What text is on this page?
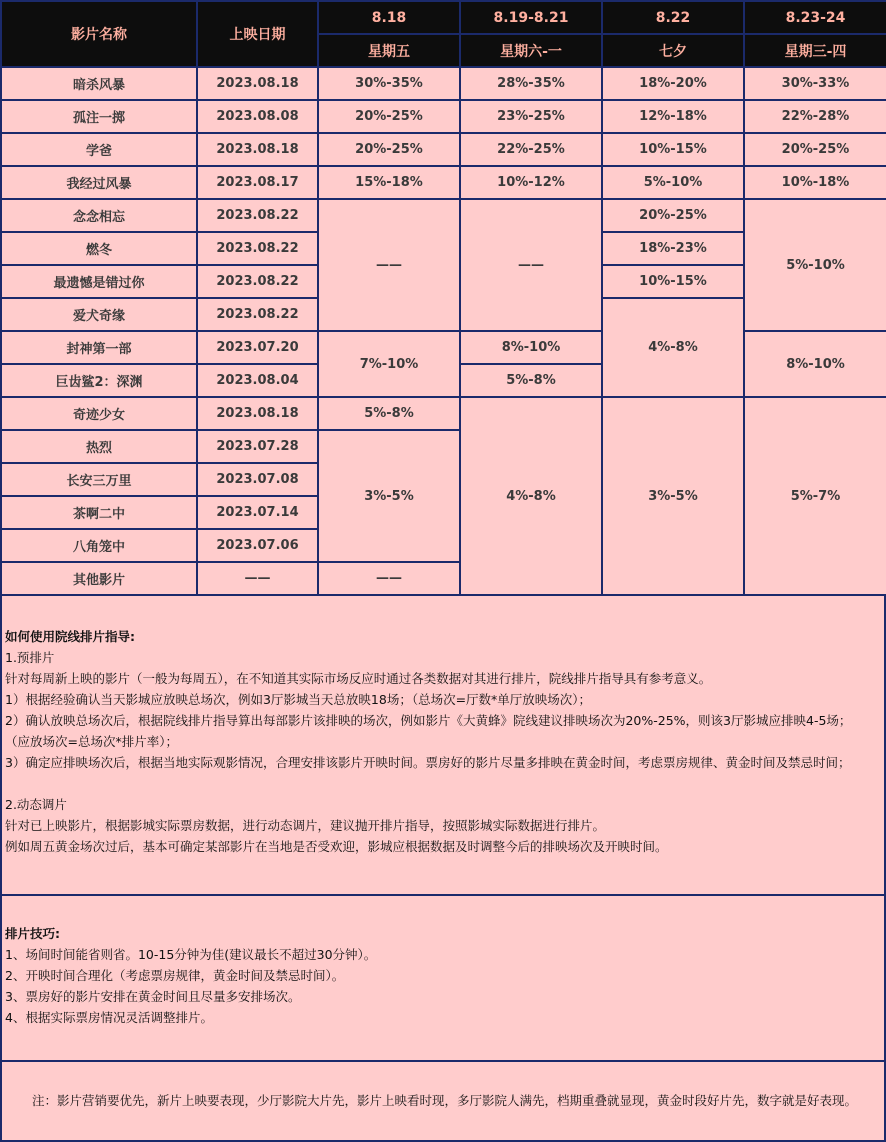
影片名称	上映日期	8.18	8.19-8.21	8.22	8.23-24
		星期五	星期六-一	七夕	星期三-四
暗杀风暴	2023.08.18	30%-35%	28%-35%	18%-20%	30%-33%
孤注一掷	2023.08.08	20%-25%	23%-25%	12%-18%	22%-28%
学爸	2023.08.18	20%-25%	22%-25%	10%-15%	20%-25%
我经过风暴	2023.08.17	15%-18%	10%-12%	5%-10%	10%-18%
念念相忘	2023.08.22	——	——	20%-25%	5%-10%
燃冬	2023.08.22			18%-23%	
最遗憾是错过你	2023.08.22			10%-15%	
爱犬奇缘	2023.08.22			4%-8%	
封神第一部	2023.07.20	7%-10%	8%-10%		8%-10%
巨齿鲨2：深渊	2023.08.04		5%-8%		
奇迹少女	2023.08.18	5%-8%	4%-8%	3%-5%	5%-7%
热烈	2023.07.28	3%-5%			
长安三万里	2023.07.08				
茶啊二中	2023.07.14				
八角笼中	2023.07.06				
其他影片	——	——			
如何使用院线排片指导:
1.预排片
针对每周新上映的影片（一般为每周五），在不知道其实际市场反应时通过各类数据对其进行排片，院线排片指导具有参考意义。
1）根据经验确认当天影城应放映总场次，例如3厅影城当天总放映18场；（总场次=厅数*单厅放映场次）；
2）确认放映总场次后，根据院线排片指导算出每部影片该排映的场次，例如影片《大黄蜂》院线建议排映场次为20%-25%，则该3厅影城应排映4-5场；
（应放场次=总场次*排片率）；
3）确定应排映场次后，根据当地实际观影情况，合理安排该影片开映时间。票房好的影片尽量多排映在黄金时间，考虑票房规律、黄金时间及禁忌时间；
2.动态调片
针对已上映影片，根据影城实际票房数据，进行动态调片，建议抛开排片指导，按照影城实际数据进行排片。
例如周五黄金场次过后，基本可确定某部影片在当地是否受欢迎，影城应根据数据及时调整今后的排映场次及开映时间。
排片技巧:
1、场间时间能省则省。10-15分钟为佳(建议最长不超过30分钟）。
2、开映时间合理化（考虑票房规律，黄金时间及禁忌时间）。
3、票房好的影片安排在黄金时间且尽量多安排场次。
4、根据实际票房情况灵活调整排片。
注：影片营销要优先，新片上映要表现，少厅影院大片先，影片上映看时现，多厅影院人满先，档期重叠就显现，黄金时段好片先，数字就是好表现。
